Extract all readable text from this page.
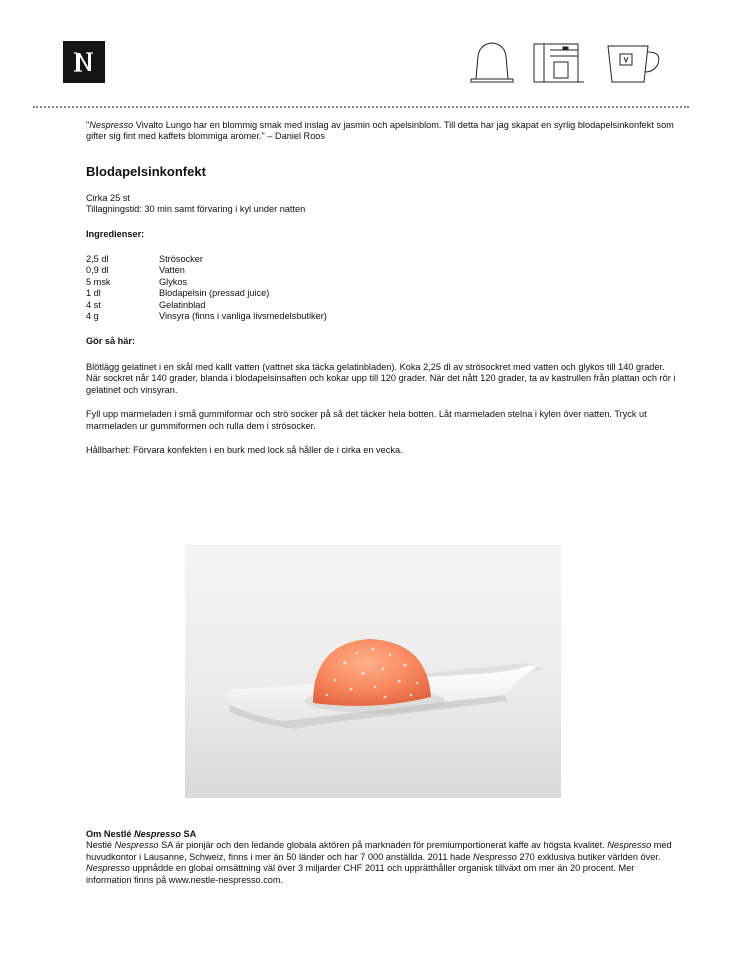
"Nespresso Vivalto Lungo har en blommig smak med inslag av jasmin och apelsinblom. Till detta har jag skapat en syrlig blodapelsinkonfekt som gifter sig fint med kaffets blommiga aromer." – Daniel Roos

Blodapelsinkonfekt
Cirka 25 st
Tillagningstid: 30 min samt förvaring i kyl under natten
Ingredienser:
2,5 dl	Strösocker
0,9 dl	Vatten
5 msk	Glykos
1 dl	Blodapelsin (pressad juice)
4 st	Gelatinblad
4 g	Vinsyra (finns i vanliga livsmedelsbutiker)
Gör så här:

Blötlägg gelatinet i en skål med kallt vatten (vattnet ska täcka gelatinbladen). Koka 2,25 dl av strösockret med vatten och glykos till 140 grader. När sockret når 140 grader, blanda i blodapelsinsaften och kokar upp till 120 grader. När det nått 120 grader, ta av kastrullen från plattan och rör i gelatinet och vinsyran.

Fyll upp marmeladen i små gummiformar och strö socker på så det täcker hela botten. Låt marmeladen stelna i kylen över natten. Tryck ut marmeladen ur gummiformen och rulla dem i strösocker.

Hållbarhet: Förvara konfekten i en burk med lock så håller de i cirka en vecka.

Om Nestlé Nespresso SA
Nestlé Nespresso SA är pionjär och den ledande globala aktören på marknaden för premiumportionerat kaffe av högsta kvalitet. Nespresso med huvudkontor i Lausanne, Schweiz, finns i mer än 50 länder och har 7 000 anställda. 2011 hade Nespresso 270 exklusiva butiker världen över. Nespresso uppnådde en global omsättning väl över 3 miljarder CHF 2011 och upprätthåller organisk tillväxt om mer än 20 procent. Mer information finns på www.nestle-nespresso.com.
